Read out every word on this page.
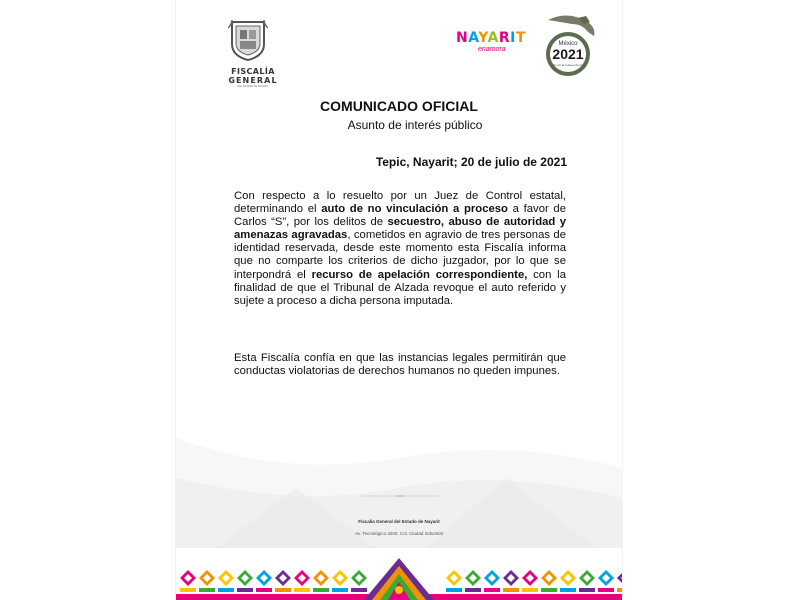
FISCALÍA
GENERAL
DEL ESTADO DE NAYARIT
NAYARIT
enamora
México
2021
Año de la independencia
COMUNICADO OFICIAL
Asunto de interés público
Tepic, Nayarit; 20 de julio de 2021
Con respecto a lo resuelto por un Juez de Control estatal, determinando el auto de no vinculación a proceso a favor de Carlos “S”, por los delitos de secuestro, abuso de autoridad y amenazas agravadas, cometidos en agravio de tres personas de identidad reservada, desde este momento esta Fiscalía informa que no comparte los criterios de dicho juzgador, por lo que se interpondrá el recurso de apelación correspondiente, con la finalidad de que el Tribunal de Alzada revoque el auto referido y sujete a proceso a dicha persona imputada.
Esta Fiscalía confía en que las instancias legales permitirán que conductas violatorias de derechos humanos no queden impunes.
Fiscalía General del Estado de Nayarit
Av. Tecnológico 3200, Col. Ciudad Industrial
